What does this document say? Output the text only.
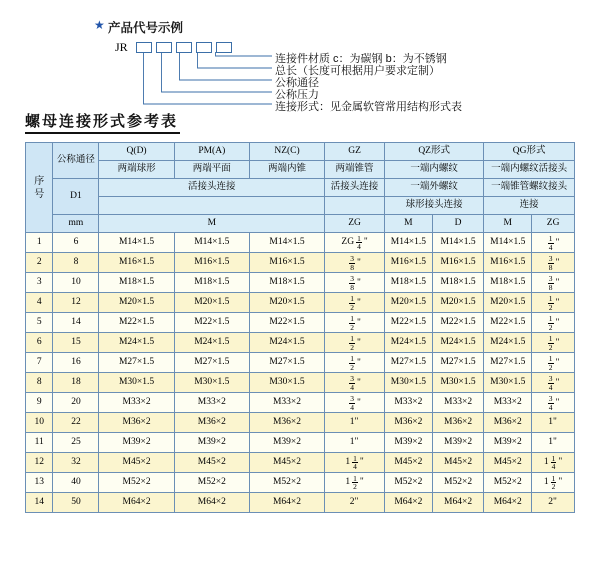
★ 产品代号示例
JR
连接件材质 c：为碳钢 b：为不锈钢
总长（长度可根据用户要求定制）
公称通径
公称压力
连接形式：见金属软管常用结构形式表
螺母连接形式参考表
序
号	公称通径	Q(D)	PM(A)	NZ(C)	GZ	QZ形式		QG形式	
		两端球形	两端平面	两端内锥	两端锥管	一端内螺纹		一端内螺纹活接头	
	D1	活接头连接			活接头连接	一端外螺纹		一端锥管螺纹接头	
						球形接头连接		连接	
	mm	M			ZG	M	D	M	ZG
1	6	M14×1.5	M14×1.5	M14×1.5	ZG $\frac{1}{4}$ "	M14×1.5	M14×1.5	M14×1.5	$\frac{1}{4}$ "

2	8	M16×1.5	M16×1.5	M16×1.5	$\frac{3}{8}$ "	M16×1.5	M16×1.5	M16×1.5	$\frac{3}{8}$ "

3	10	M18×1.5	M18×1.5	M18×1.5	$\frac{3}{8}$ "	M18×1.5	M18×1.5	M18×1.5	$\frac{3}{8}$ "

4	12	M20×1.5	M20×1.5	M20×1.5	$\frac{1}{2}$ "	M20×1.5	M20×1.5	M20×1.5	$\frac{1}{2}$ "

5	14	M22×1.5	M22×1.5	M22×1.5	$\frac{1}{2}$ "	M22×1.5	M22×1.5	M22×1.5	$\frac{1}{2}$ "

6	15	M24×1.5	M24×1.5	M24×1.5	$\frac{1}{2}$ "	M24×1.5	M24×1.5	M24×1.5	$\frac{1}{2}$ "

7	16	M27×1.5	M27×1.5	M27×1.5	$\frac{1}{2}$ "	M27×1.5	M27×1.5	M27×1.5	$\frac{1}{2}$ "

8	18	M30×1.5	M30×1.5	M30×1.5	$\frac{3}{4}$ "	M30×1.5	M30×1.5	M30×1.5	$\frac{3}{4}$ "

9	20	M33×2	M33×2	M33×2	$\frac{3}{4}$ "	M33×2	M33×2	M33×2	$\frac{3}{4}$ "

10	22	M36×2	M36×2	M36×2	1"	M36×2	M36×2	M36×2	1"

11	25	M39×2	M39×2	M39×2	1"	M39×2	M39×2	M39×2	1"

12	32	M45×2	M45×2	M45×2	$1 \frac{1}{4}$ "	M45×2	M45×2	M45×2	$1 \frac{1}{4}$ "

13	40	M52×2	M52×2	M52×2	$1 \frac{1}{2}$ "	M52×2	M52×2	M52×2	$1 \frac{1}{2}$ "

14	50	M64×2	M64×2	M64×2	2"	M64×2	M64×2	M64×2	2"
